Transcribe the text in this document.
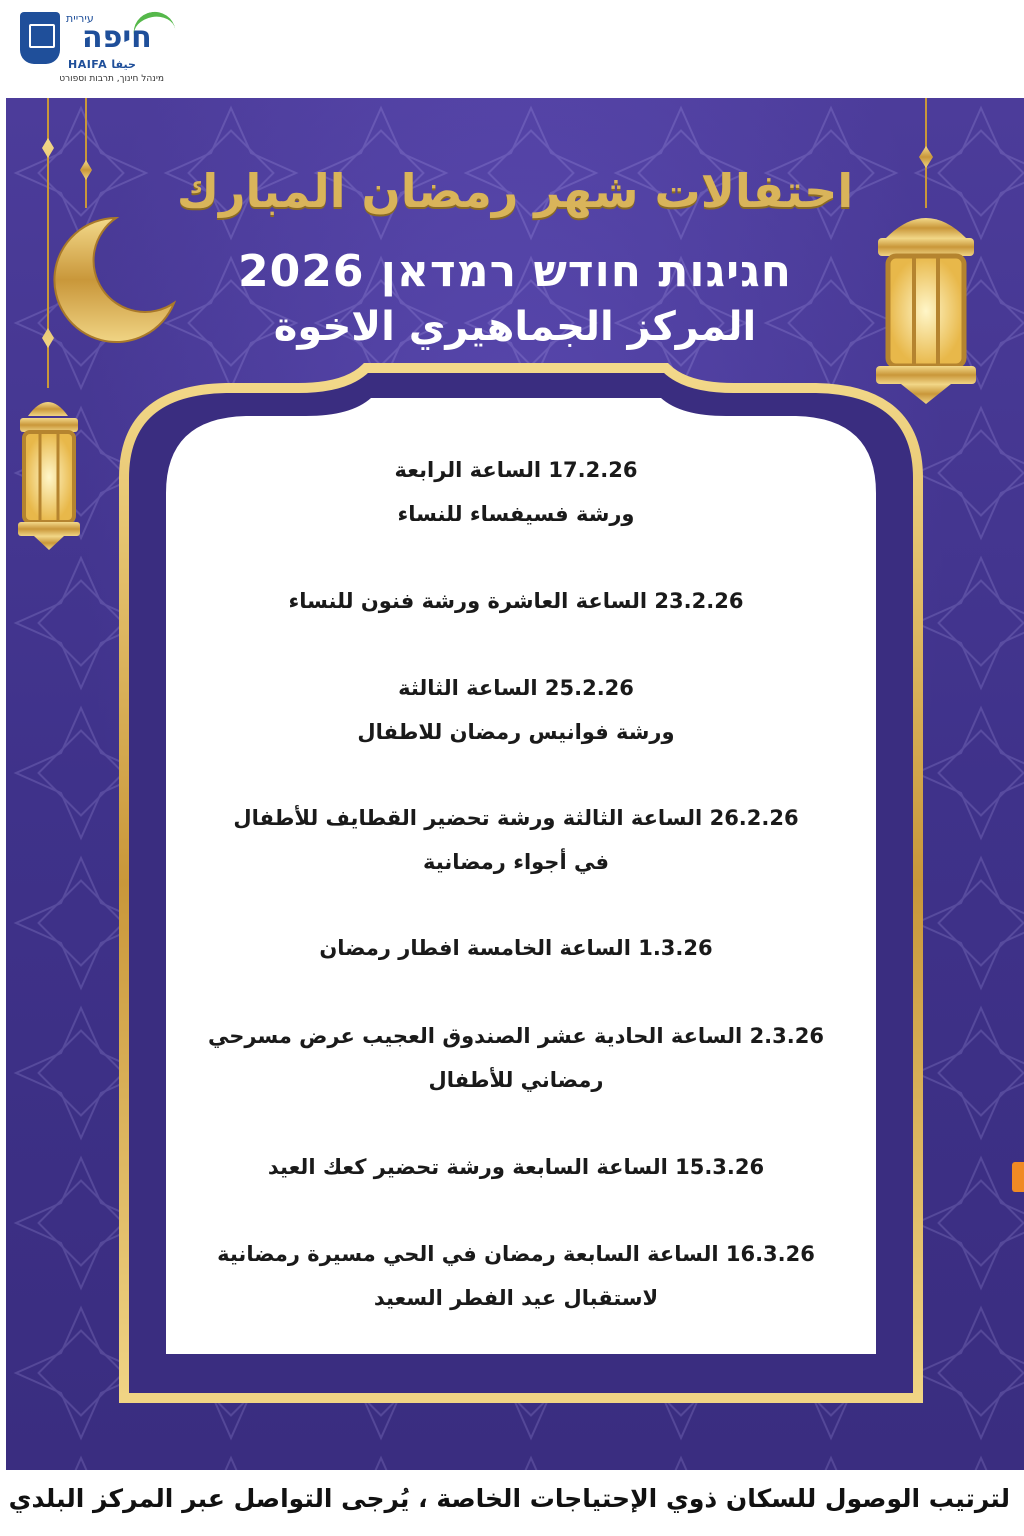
עיריית
חיפה
HAIFA حيفا
מינהל חינוך, תרבות וספורט
احتفالات شهر رمضان المبارك
חגיגות חודש רמדאן 2026
المركز الجماهيري الاخوة
17.2.26 الساعة الرابعة
ورشة فسيفساء للنساء
23.2.26 الساعة العاشرة ورشة فنون للنساء
25.2.26 الساعة الثالثة
ورشة فوانيس رمضان للاطفال
26.2.26 الساعة الثالثة ورشة تحضير القطايف للأطفال
في أجواء رمضانية
1.3.26 الساعة الخامسة افطار رمضان
2.3.26 الساعة الحادية عشر الصندوق العجيب عرض مسرحي
رمضاني للأطفال
15.3.26 الساعة السابعة ورشة تحضير كعك العيد
16.3.26 الساعة السابعة رمضان في الحي مسيرة رمضانية
لاستقبال عيد الفطر السعيد
لترتيب الوصول للسكان ذوي الإحتياجات الخاصة ، يُرجى التواصل عبر المركز البلدي
